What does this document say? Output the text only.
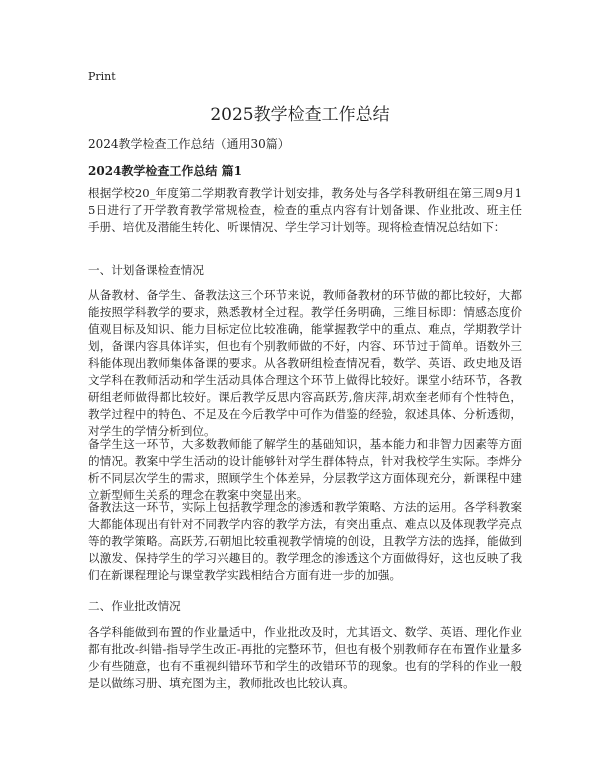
Print
2025教学检查工作总结
2024教学检查工作总结（通用30篇）
2024教学检查工作总结 篇1

根据学校20_年度第二学期教育教学计划安排，教务处与各学科教研组在第三周9月15日进行了开学教育教学常规检查，检查的重点内容有计划备课、作业批改、班主任手册、培优及潜能生转化、听课情况、学生学习计划等。现将检查情况总结如下：

一、计划备课检查情况

从备教材、备学生、备教法这三个环节来说，教师备教材的环节做的都比较好，大都能按照学科教学的要求，熟悉教材全过程。教学任务明确，三维目标即：情感态度价值观目标及知识、能力目标定位比较准确，能掌握教学中的重点、难点，学期教学计划，备课内容具体详实，但也有个别教师做的不好，内容、环节过于简单。语数外三科能体现出教师集体备课的要求。从各教研组检查情况看，数学、英语、政史地及语文学科在教师活动和学生活动具体合理这个环节上做得比较好。课堂小结环节，各教研组老师做得都比较好。课后教学反思内容高跃芳,詹庆萍,胡欢奎老师有个性特色，教学过程中的特色、不足及在今后教学中可作为借鉴的经验，叙述具体、分析透彻，对学生的学情分析到位。

备学生这一环节，大多数教师能了解学生的基础知识，基本能力和非智力因素等方面的情况。教案中学生活动的设计能够针对学生群体特点，针对我校学生实际。李烨分析不同层次学生的需求，照顾学生个体差异，分层教学这方面体现充分，新课程中建立新型师生关系的理念在教案中突显出来。

备教法这一环节，实际上包括教学理念的渗透和教学策略、方法的运用。各学科教案大都能体现出有针对不同教学内容的教学方法，有突出重点、难点以及体现教学亮点等的教学策略。高跃芳,石朝旭比较重视教学情境的创设，且教学方法的选择，能做到以激发、保持学生的学习兴趣目的。教学理念的渗透这个方面做得好，这也反映了我们在新课程理论与课堂教学实践相结合方面有进一步的加强。

二、作业批改情况

各学科能做到布置的作业量适中，作业批改及时，尤其语文、数学、英语、理化作业都有批改-纠错-指导学生改正-再批的完整环节，但也有极个别教师存在布置作业量多少有些随意，也有不重视纠错环节和学生的改错环节的现象。也有的学科的作业一般是以做练习册、填充图为主，教师批改也比较认真。
